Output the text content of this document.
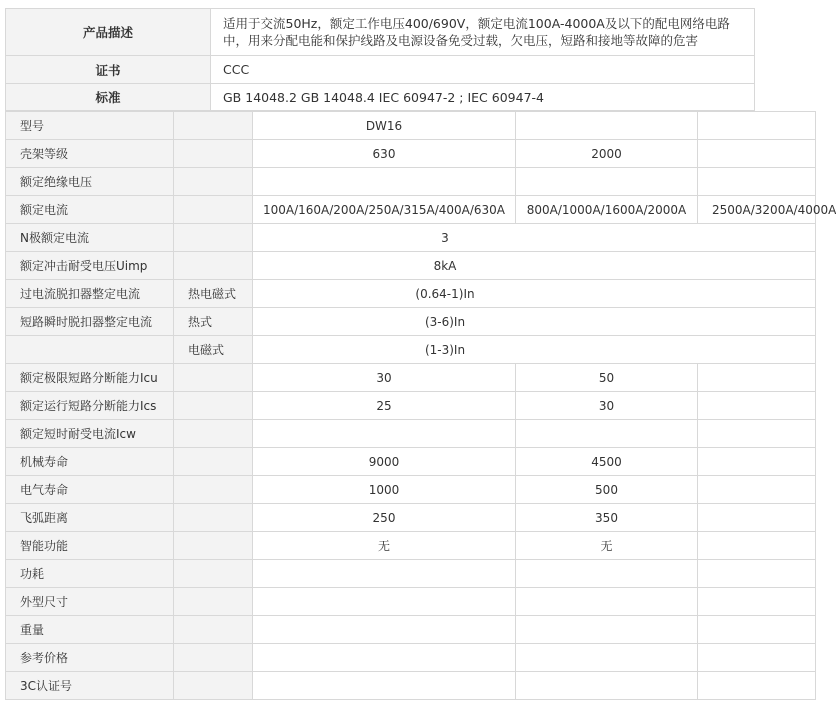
产品描述	适用于交流50Hz，额定工作电压400/690V，额定电流100A-4000A及以下的配电网络电路中，用来分配电能和保护线路及电源设备免受过载，欠电压，短路和接地等故障的危害
证书	CCC
标准	GB 14048.2 GB 14048.4 IEC 60947-2 ; IEC 60947-4
型号		DW16		
壳架等级		630	2000	
额定绝缘电压				
额定电流		100A/160A/200A/250A/315A/400A/630A	800A/1000A/1600A/2000A	2500A/3200A/4000A
N极额定电流		3		
额定冲击耐受电压Uimp		8kA		
过电流脱扣器整定电流	热电磁式	(0.64-1)In		
短路瞬时脱扣器整定电流	热式	(3-6)In		
	电磁式	(1-3)In		
额定极限短路分断能力Icu		30	50	
额定运行短路分断能力Ics		25	30	
额定短时耐受电流Icw				
机械寿命		9000	4500	
电气寿命		1000	500	
飞弧距离		250	350	
智能功能		无	无	
功耗				
外型尺寸				
重量				
参考价格				
3C认证号				
